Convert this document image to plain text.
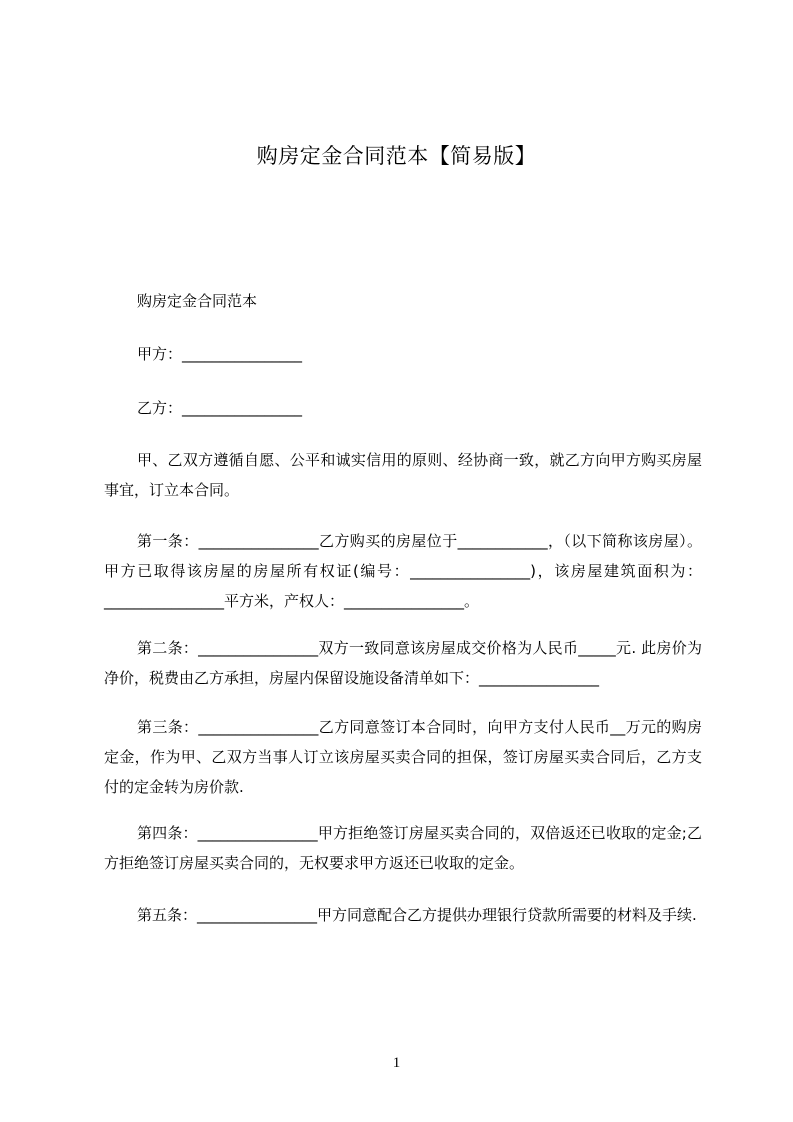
购房定金合同范本【简易版】
购房定金合同范本
甲方：________________
乙方：________________
甲、乙双方遵循自愿、公平和诚实信用的原则、经协商一致，就乙方向甲方购买房屋事宜，订立本合同。
第一条：________________乙方购买的房屋位于____________，（以下简称该房屋）。甲方已取得该房屋的房屋所有权证(编号：________________)，该房屋建筑面积为：________________平方米，产权人：________________。
第二条：________________双方一致同意该房屋成交价格为人民币_____元. 此房价为净价，税费由乙方承担，房屋内保留设施设备清单如下：________________
第三条：________________乙方同意签订本合同时，向甲方支付人民币__万元的购房定金，作为甲、乙双方当事人订立该房屋买卖合同的担保，签订房屋买卖合同后，乙方支付的定金转为房价款.
第四条：________________甲方拒绝签订房屋买卖合同的，双倍返还已收取的定金;乙方拒绝签订房屋买卖合同的，无权要求甲方返还已收取的定金。
第五条：________________甲方同意配合乙方提供办理银行贷款所需要的材料及手续.
1
